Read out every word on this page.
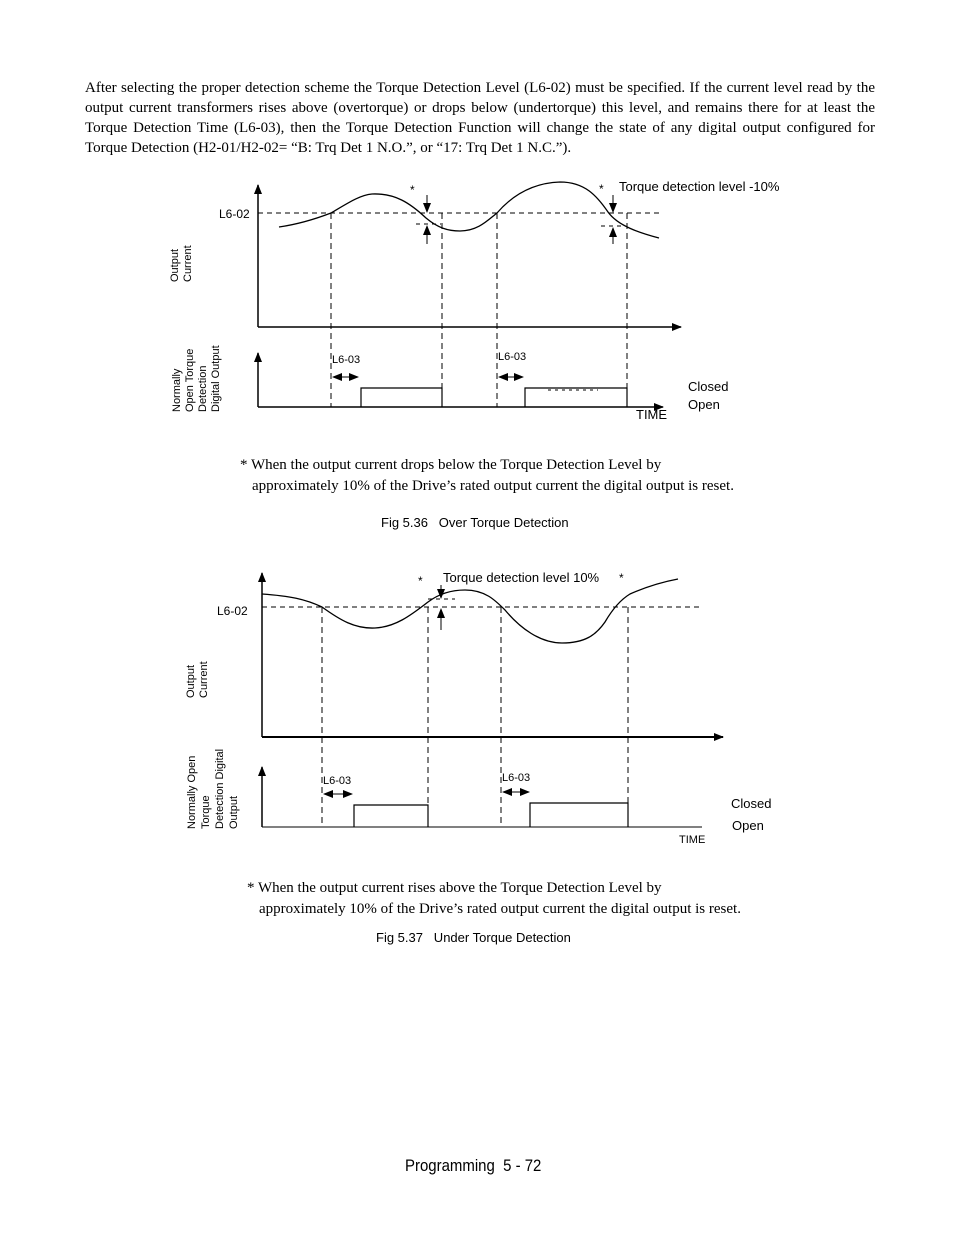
After selecting the proper detection scheme the Torque Detection Level (L6-02) must be specified. If the current level read by the output current transformers rises above (overtorque) or drops below (undertorque) this level, and remains there for at least the Torque Detection Time (L6-03), then the Torque Detection Function will change the state of any digital output configured for Torque Detection (H2-01/H2-02= “B: Trq Det 1 N.O.”, or “17: Trq Det 1 N.C.”).

L6-02
*	* Torque detection level -10%
L6-03	L6-03
Closed
Open
TIME
Output Current
Normally Open Torque Detection Digital Output
L6-02
*	*
Torque detection level 10%
L6-03	L6-03
Closed
Open
TIME
Output Current
Normally Open Torque Detection Digital Output
* When the output current drops below the Torque Detection Level by
approximately 10% of the Drive’s rated output current the digital output is reset.
Fig 5.36   Over Torque Detection
* When the output current rises above the Torque Detection Level by
approximately 10% of the Drive’s rated output current the digital output is reset.
Fig 5.37   Under Torque Detection
Programming  5 - 72
